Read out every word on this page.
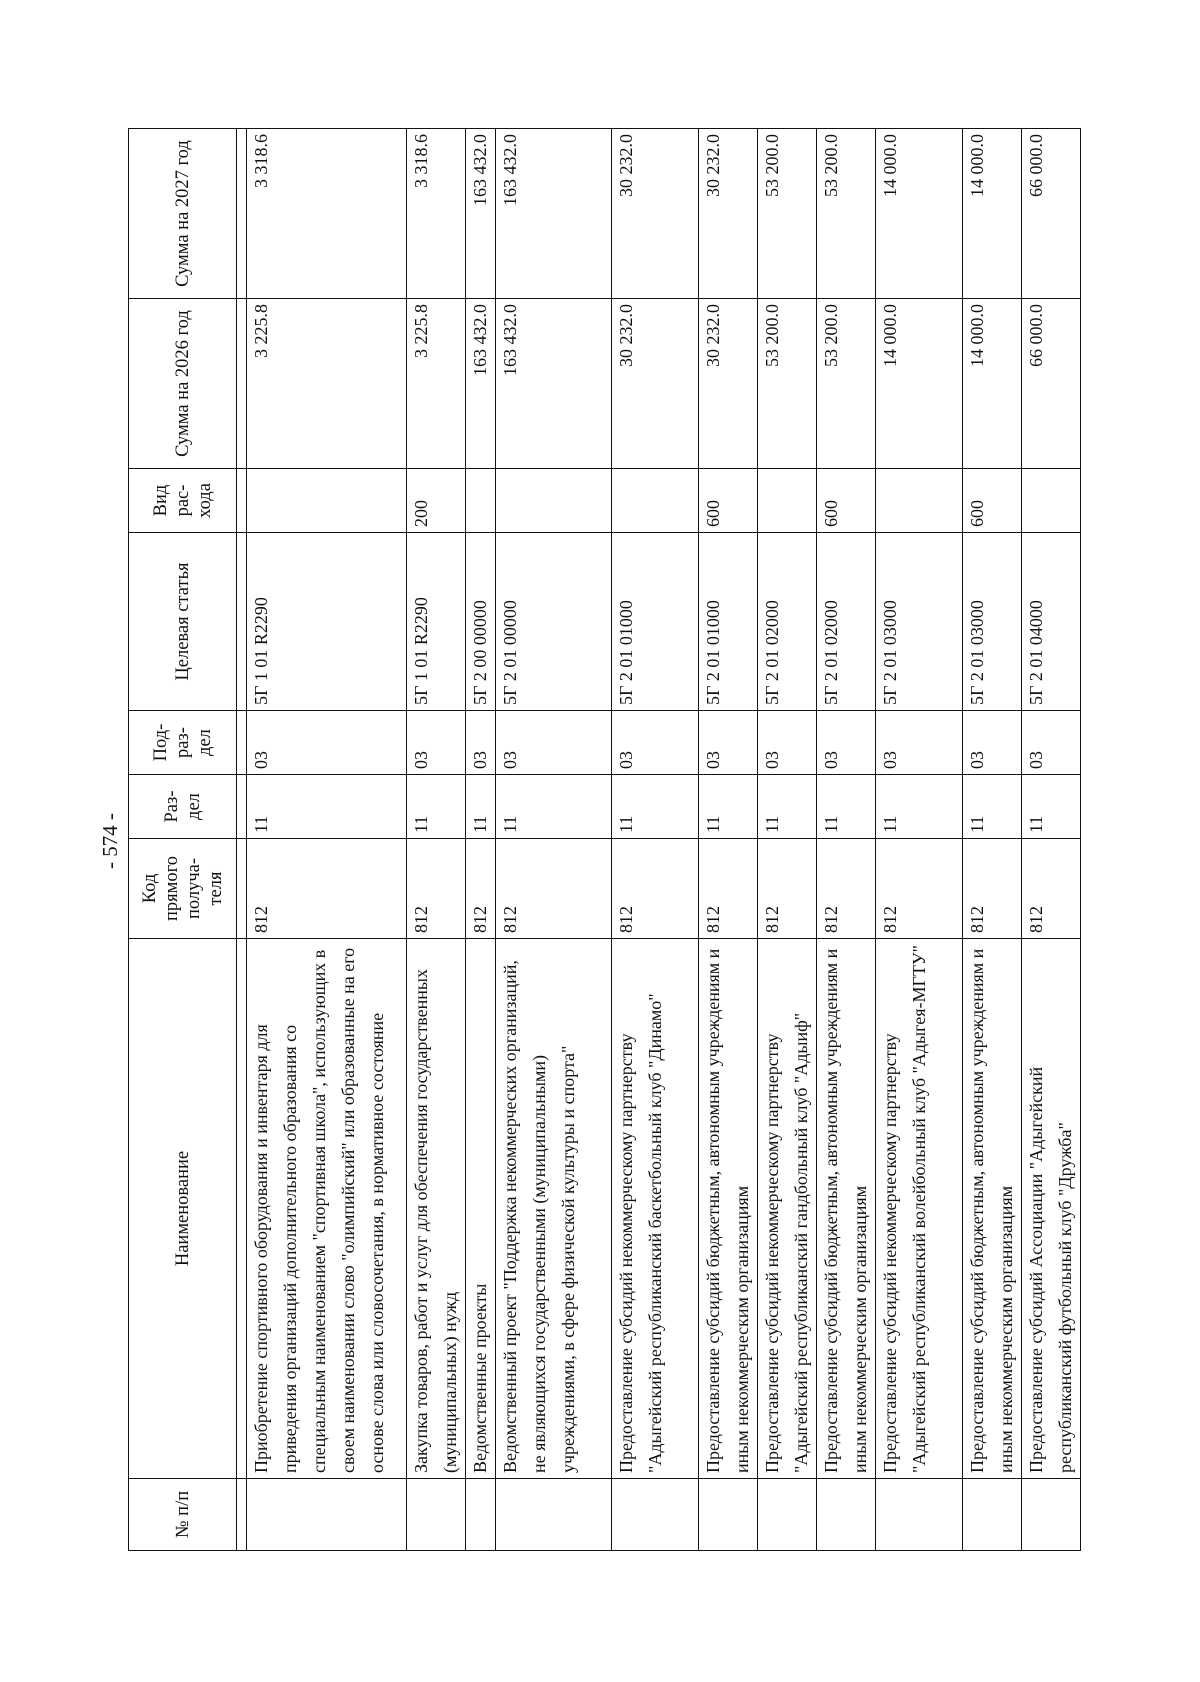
- 574 -
№ п/п	Наименование	Код прямого получа-теля	Раз-дел	Под-раз-дел	Целевая статья	Вид рас-хода	Сумма на 2026 год	Сумма на 2027 год

	Приобретение спортивного оборудования и инвентаря для приведения организаций дополнительного образования со специальным наименованием "спортивная школа", использующих в своем наименовании слово "олимпийский" или образованные на его основе слова или словосочетания, в нормативное состояние	812	11	03	5Г 1 01 R2290		3 225.8	3 318.6
	Закупка товаров, работ и услуг для обеспечения государственных (муниципальных) нужд	812	11	03	5Г 1 01 R2290	200	3 225.8	3 318.6
	Ведомственные проекты	812	11	03	5Г 2 00 00000		163 432.0	163 432.0
	Ведомственный проект "Поддержка некоммерческих организаций, не являющихся государственными (муниципальными) учреждениями, в сфере физической культуры и спорта"	812	11	03	5Г 2 01 00000		163 432.0	163 432.0
	Предоставление субсидий некоммерческому партнерству "Адыгейский республиканский баскетбольный клуб "Динамо"	812	11	03	5Г 2 01 01000		30 232.0	30 232.0
	Предоставление субсидий бюджетным, автономным учреждениям и иным некоммерческим организациям	812	11	03	5Г 2 01 01000	600	30 232.0	30 232.0
	Предоставление субсидий некоммерческому партнерству "Адыгейский республиканский гандбольный клуб "Адыиф"	812	11	03	5Г 2 01 02000		53 200.0	53 200.0
	Предоставление субсидий бюджетным, автономным учреждениям и иным некоммерческим организациям	812	11	03	5Г 2 01 02000	600	53 200.0	53 200.0
	Предоставление субсидий некоммерческому партнерству "Адыгейский республиканский волейбольный клуб "Адыгея-МГТУ"	812	11	03	5Г 2 01 03000		14 000.0	14 000.0
	Предоставление субсидий бюджетным, автономным учреждениям и иным некоммерческим организациям	812	11	03	5Г 2 01 03000	600	14 000.0	14 000.0
	Предоставление субсидий Ассоциации "Адыгейский республиканский футбольный клуб "Дружба"	812	11	03	5Г 2 01 04000		66 000.0	66 000.0
